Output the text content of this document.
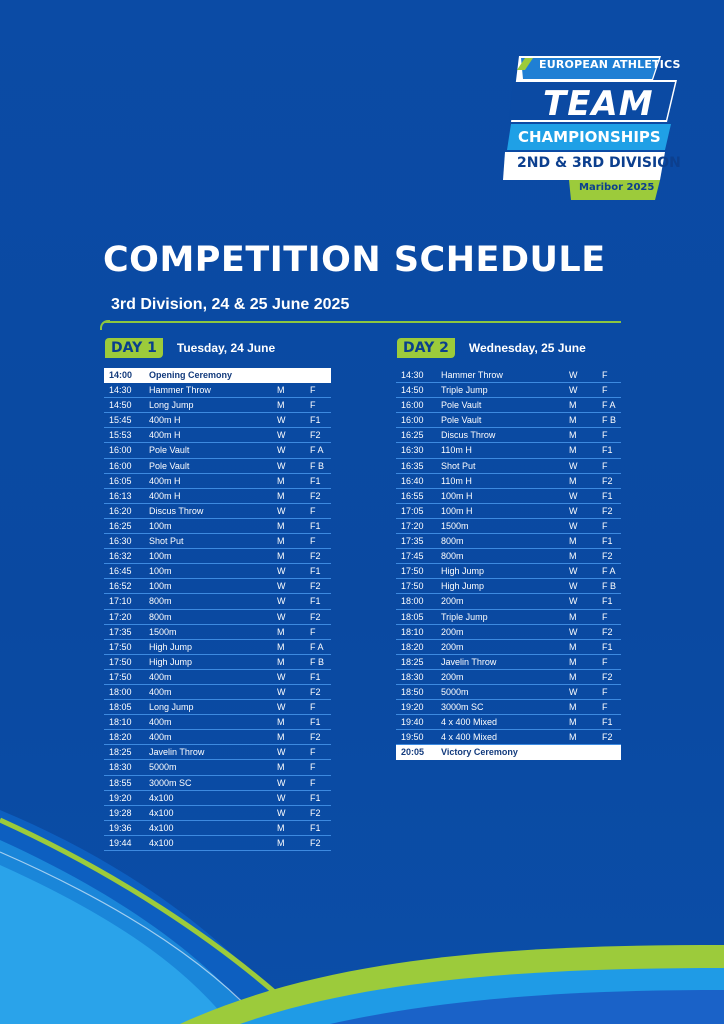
EUROPEAN ATHLETICS
TEAM
CHAMPIONSHIPS
2ND & 3RD DIVISION
Maribor 2025
COMPETITION SCHEDULE
3rd Division, 24 & 25 June 2025
DAY 1	Tuesday, 24 June
14:00 Opening Ceremony
14:30 Hammer Throw	M	F
14:50 Long Jump	M	F
15:45 400m H	W	F1
15:53 400m H	W	F2
16:00 Pole Vault	W	F A
16:00 Pole Vault	W	F B
16:05 400m H	M	F1
16:13 400m H	M	F2
16:20 Discus Throw	W	F
16:25 100m	M	F1
16:30 Shot Put	M	F
16:32 100m	M	F2
16:45 100m	W	F1
16:52 100m	W	F2
17:10 800m	W	F1
17:20 800m	W	F2
17:35 1500m	M	F
17:50 High Jump	M	F A
17:50 High Jump	M	F B
17:50 400m	W	F1
18:00 400m	W	F2
18:05 Long Jump	W	F
18:10 400m	M	F1
18:20 400m	M	F2
18:25 Javelin Throw	W	F
18:30 5000m	M	F
18:55 3000m SC	W	F
19:20 4x100	W	F1
19:28 4x100	W	F2
19:36 4x100	M	F1
19:44 4x100	M	F2
DAY 2	Wednesday, 25 June
14:30 Hammer Throw	W	F
14:50 Triple Jump	W	F
16:00 Pole Vault	M	F A
16:00 Pole Vault	M	F B
16:25 Discus Throw	M	F
16:30 110m H	M	F1
16:35 Shot Put	W	F
16:40 110m H	M	F2
16:55 100m H	W	F1
17:05 100m H	W	F2
17:20 1500m	W	F
17:35 800m	M	F1
17:45 800m	M	F2
17:50 High Jump	W	F A
17:50 High Jump	W	F B
18:00 200m	W	F1
18:05 Triple Jump	M	F
18:10 200m	W	F2
18:20 200m	M	F1
18:25 Javelin Throw	M	F
18:30 200m	M	F2
18:50 5000m	W	F
19:20 3000m SC	M	F
19:40 4 x 400 Mixed	M	F1
19:50 4 x 400 Mixed	M	F2
20:05 Victory Ceremony
